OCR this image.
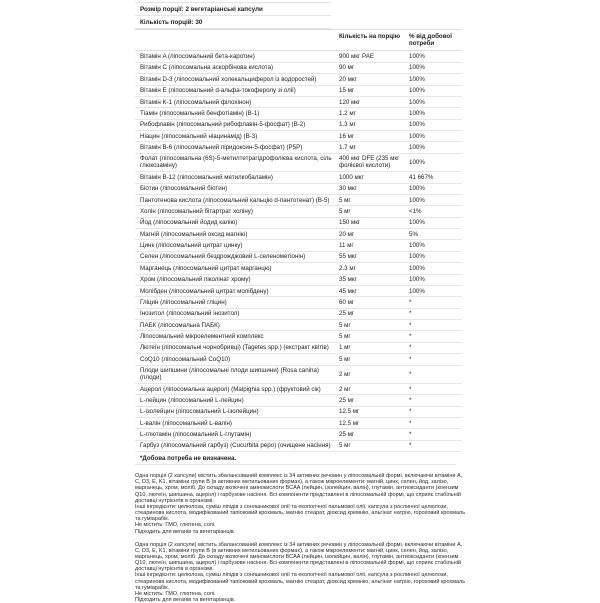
Розмір порції: 2 вегетаріанські капсули
Кількість порцій: 30
	Кількість на порцію	% від добової потреби
Вітамін A (ліпосомальний бета-каротин)	900 мкг РАЕ	100%
Вітамін C (ліпосомальна аскорбінова кислота)	90 мг	100%
Вітамін D-3 (ліпосомальний холекальциферол із водоростей)	20 мкг	100%
Вітамін E (ліпосомальний d-альфа-токоферолу зі олії)	15 мг	100%
Вітамін K-1 (ліпосомальний філохінон)	120 мкг	100%
Тіамін (ліпосомальний бенфотіамін) (B-1)	1.2 мг	100%
Рибофлавін (ліпосомальний рибофлавін-5-фосфат) (B-2)	1.3 мг	100%
Ніацин (ліпосомальний ніацинамід) (B-3)	16 мг	100%
Вітамін B-6 (ліпосомальний піридоксин-5-фосфат) (P5P)	1.7 мг	100%
Фолат (ліпосомальна (6S)-5-метилтетрагідрофолієва кислота, сіль глюкозаміну)	400 мкг DFE (235 мкг фолієвої кислоти)	100%
Вітамін B-12 (ліпосомальний метилкобаламін)	1000 мкг	41 667%
Біотин (ліпосомальний біотин)	30 мкг	100%
Пантотенова кислота (ліпосомальний кальцію d-пантотенат) (B-5)	5 мг	100%
Холін (ліпосомальний бітартрат холіну)	5 мг	<1%
Йод (ліпосомальний йодид калію)	150 мкг	100%
Магній (ліпосомальний оксид магнію)	20 мг	5%
Цинк (ліпосомальний цитрат цинку)	11 мг	100%
Селен (ліпосомальний бездрожджовий L-селенометіонін)	55 мкг	100%
Марганець (ліпосомальний цитрат марганцю)	2.3 мг	100%
Хром (ліпосомальний піколінат хрому)	35 мкг	100%
Молібден (ліпосомальний цитрат молібдену)	45 мкг	100%
Гліцин (ліпосомальний гліцин)	60 мг	*
Інозитол (ліпосомальний інозитол)	25 мг	*
ПАБК (ліпосомальна ПАБК)	5 мг	*
Ліпосомальний мікроелементний комплекс	5 мг	*
Лютеїн (ліпосомальні чорнобривці) (Tagetes spp.) (екстракт квітів)	1 мг	*
CoQ10 (ліпосомальний CoQ10)	5 мг	*
Плоди шипшини (ліпосомальні плоди шипшини) (Rosa canina) (плоди)	2 мг	*
Ацерол (ліпосомальна ацерол) (Malpighia spp.) (фруктовий сік)	2 мг	*
L-лейцин (ліпосомальний L-лейцин)	25 мг	*
L-ізолейцин (ліпосомальний L-ізолейцин)	12.5 мг	*
L-валін (ліпосомальний L-валін)	12.5 мг	*
L-глютамін (ліпосомальний L-глутамін)	25 мг	*
Гарбуз (ліпосомальний гарбуз) (Cucurbita pepo) (очищене насіння)	5 мг	*
*Добова потреба не визначена.

Одна порція (2 капсули) містить збалансований комплекс із 34 активних речовин у ліпосомальній формі, включаючи вітаміни A, C, D3, E, K1, вітаміни групи B (в активних метильованих формах), а також мікроелементи: магній, цинк, селен, йод, залізо, марганець, хром, моліб. До складу включені амінокислоти BCAA (лейцин, ізолейцин, валін), глутамін, антиоксиданти (коензим Q10, лютеїн, шипшина, ацерол) і гарбузове насіння. Всі компоненти представлені в ліпосомальній формі, що сприяє стабільній доставці нутрієнтів в організмі.

Інші інгредієнти: целюлоза, суміш ліпідів з соняшникової олії та екологічної пальмової олії, капсула з рослинної целюлози, стеаринова кислота, модифікований тапіоковий крохмаль, магнію стеарат, діоксид кремнію, альгінат натрію, гороховий крохмаль та гуміарабік.

Не містить: ГМО, глютена, солі.

Підходить для веганів та вегетаріанців.

Одна порція (2 капсули) містить збалансований комплекс із 34 активних речовин у ліпосомальній формі, включаючи вітаміни A, C, D3, E, K1, вітаміни групи B (в активних метильованих формах), а також мікроелементи: магній, цинк, селен, йод, залізо, марганець, хром, моліб. До складу включені амінокислоти BCAA (лейцин, ізолейцин, валін), глутамін, антиоксиданти (коензим Q10, лютеїн, шипшина, ацерол) і гарбузове насіння. Всі компоненти представлені в ліпосомальній формі, що сприяє стабільній доставці нутрієнтів в організмі.

Інші інгредієнти: целюлоза, суміш ліпідів з соняшникової олії та екологічної пальмової олії, капсула з рослинної целюлози, стеаринова кислота, модифікований тапіоковий крохмаль, магнію стеарат, діоксид кремнію, альгінат натрію, гороховий крохмаль та гуміарабік.

Не містить: ГМО, глютена, солі.

Підходить для веганів та вегетаріанців.
